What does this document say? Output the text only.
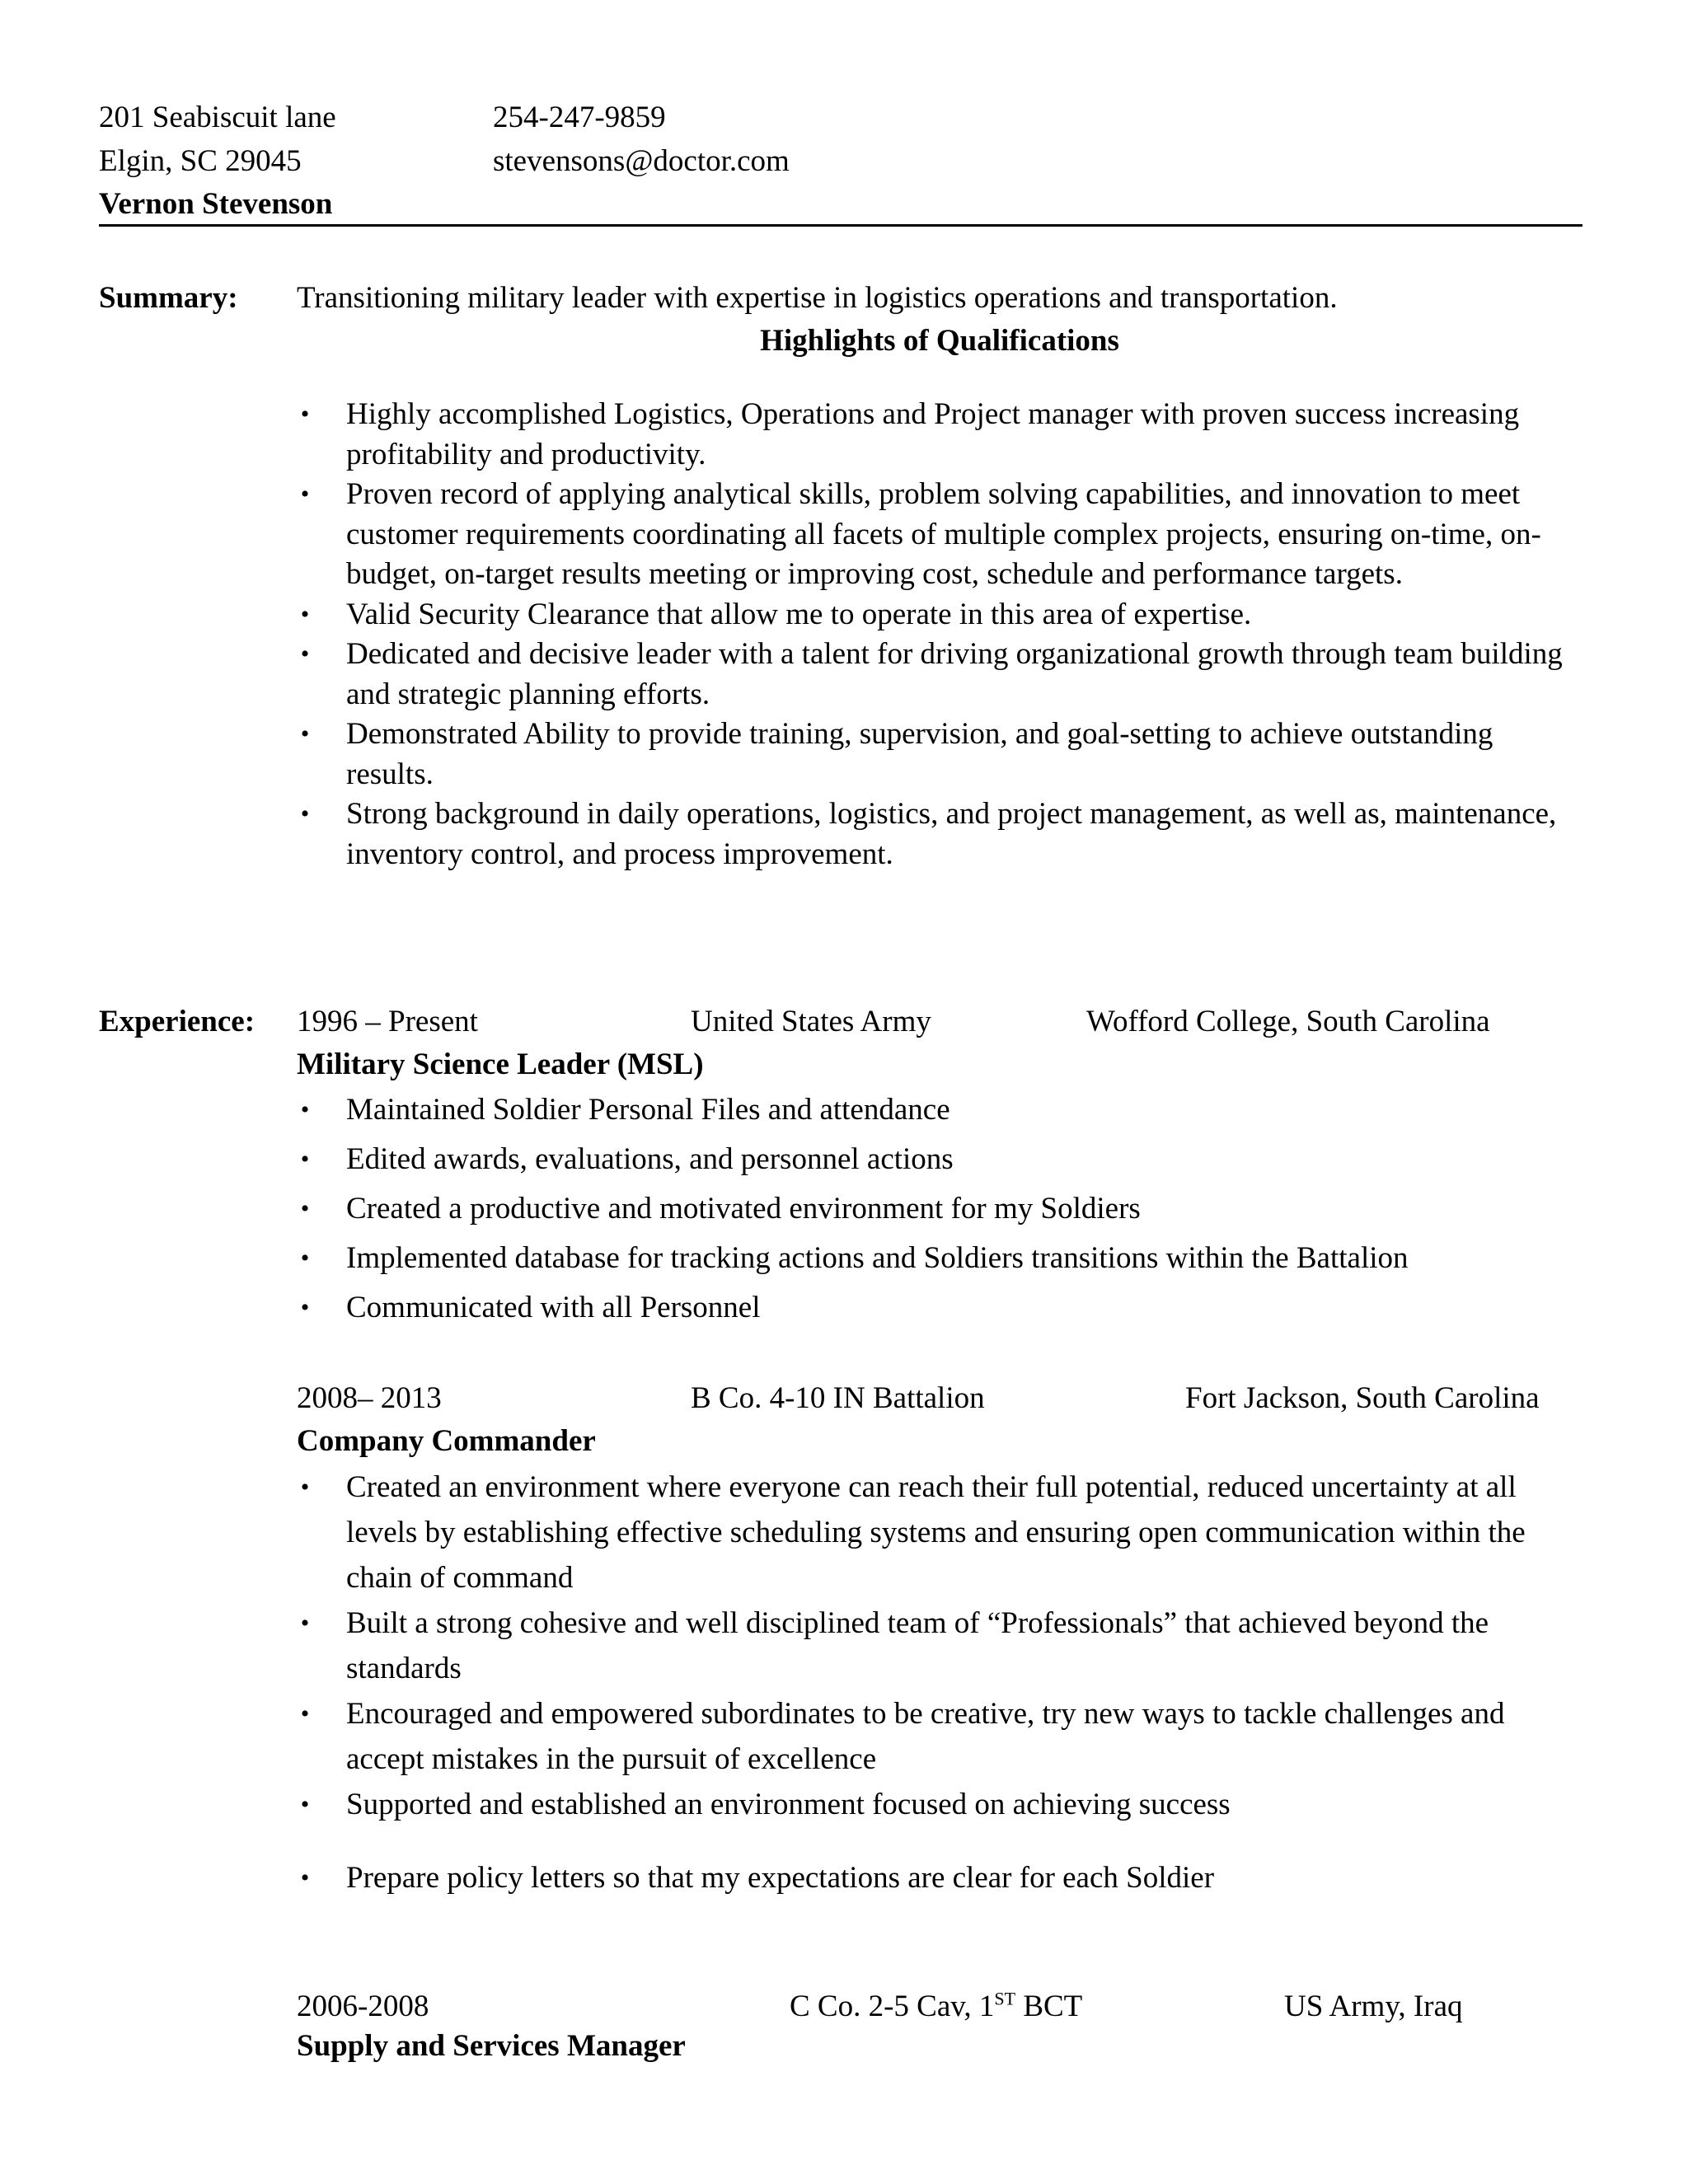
201 Seabiscuit lane	254-247-9859
Elgin, SC 29045	stevensons@doctor.com
Vernon Stevenson
Summary: Transitioning military leader with expertise in logistics operations and transportation.
Highlights of Qualifications
• Highly accomplished Logistics, Operations and Project manager with proven success increasing profitability and productivity.
• Proven record of applying analytical skills, problem solving capabilities, and innovation to meet customer requirements coordinating all facets of multiple complex projects, ensuring on-time, on-budget, on-target results meeting or improving cost, schedule and performance targets.
• Valid Security Clearance that allow me to operate in this area of expertise.
• Dedicated and decisive leader with a talent for driving organizational growth through team building and strategic planning efforts.
• Demonstrated Ability to provide training, supervision, and goal-setting to achieve outstanding results.
• Strong background in daily operations, logistics, and project management, as well as, maintenance, inventory control, and process improvement.
Experience: 1996 – Present	United States Army	Wofford College, South Carolina
Military Science Leader (MSL)
• Maintained Soldier Personal Files and attendance
• Edited awards, evaluations, and personnel actions
• Created a productive and motivated environment for my Soldiers
• Implemented database for tracking actions and Soldiers transitions within the Battalion
• Communicated with all Personnel
2008– 2013	B Co. 4-10 IN Battalion	Fort Jackson, South Carolina
Company Commander
• Created an environment where everyone can reach their full potential, reduced uncertainty at all levels by establishing effective scheduling systems and ensuring open communication within the chain of command
• Built a strong cohesive and well disciplined team of “Professionals” that achieved beyond the standards
• Encouraged and empowered subordinates to be creative, try new ways to tackle challenges and accept mistakes in the pursuit of excellence
• Supported and established an environment focused on achieving success
• Prepare policy letters so that my expectations are clear for each Soldier
2006-2008	C Co. 2-5 Cav, 1ST BCT	US Army, Iraq
Supply and Services Manager
